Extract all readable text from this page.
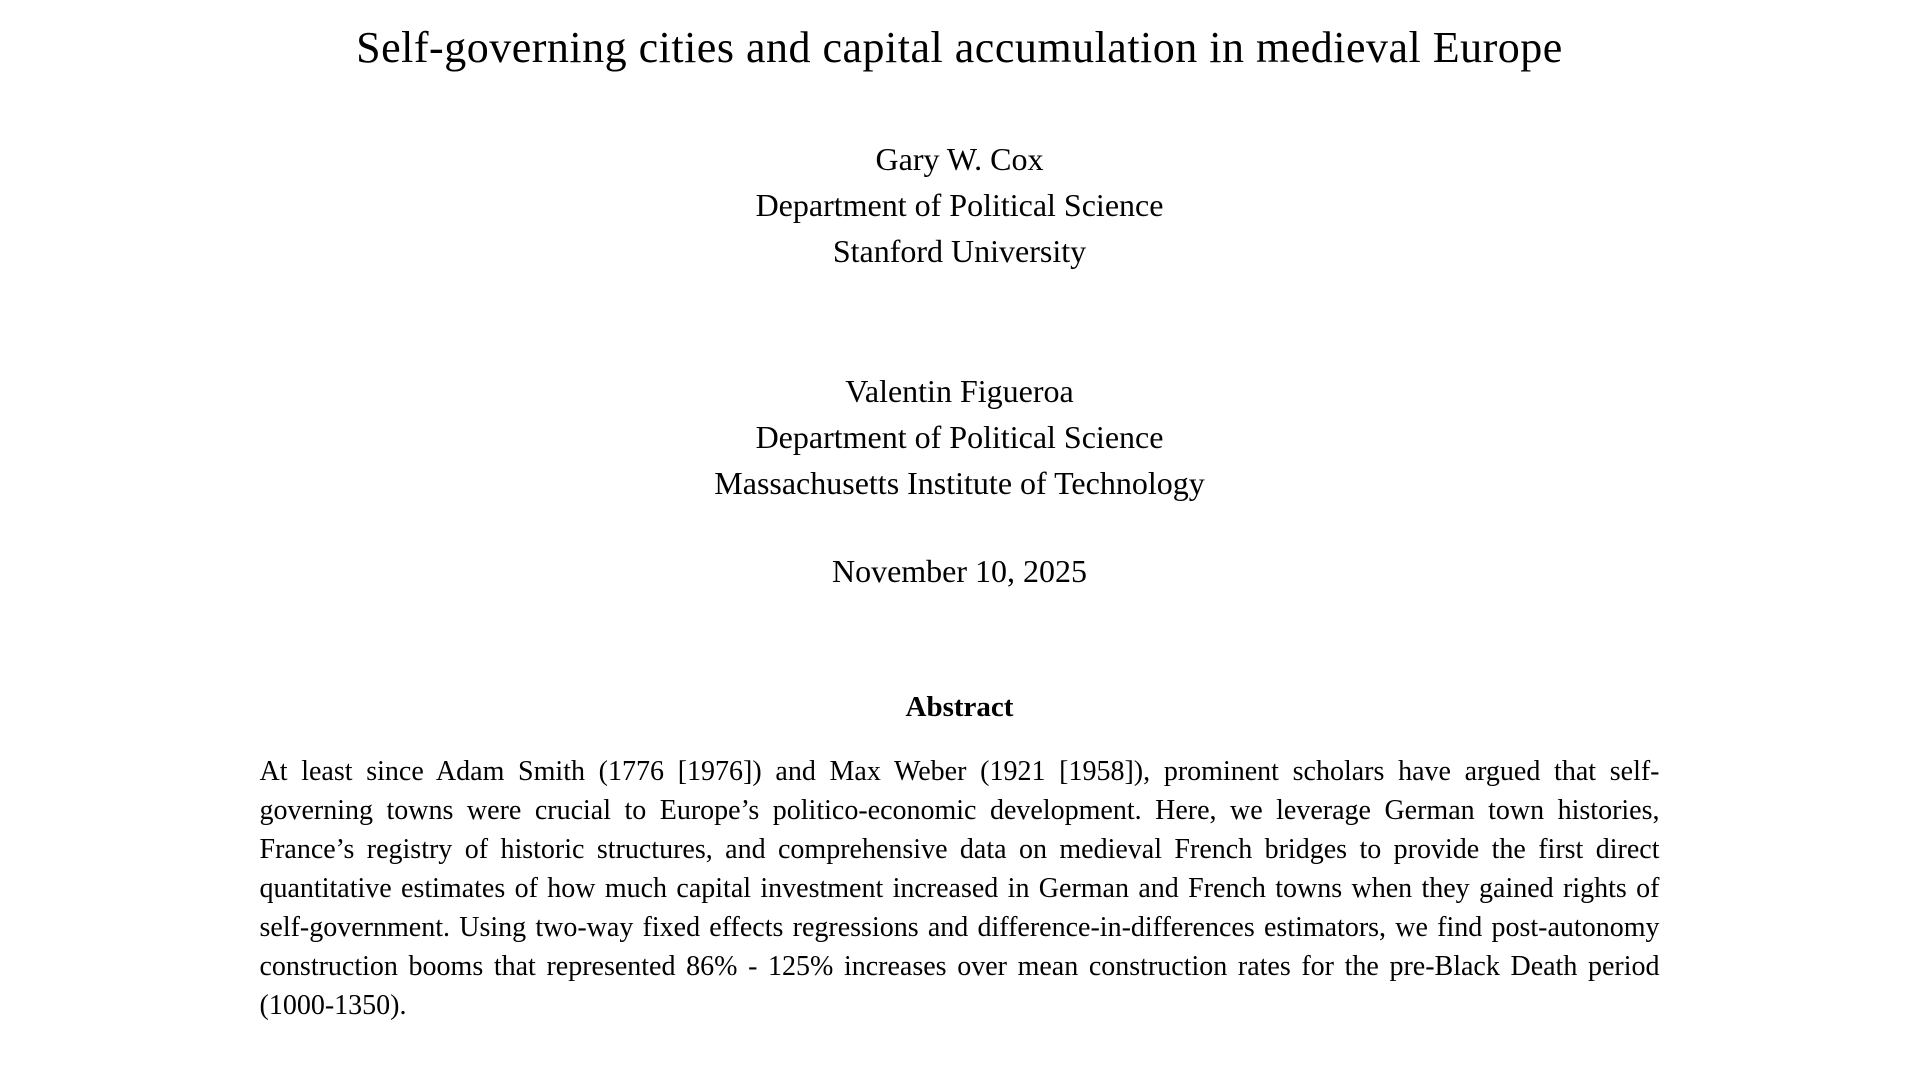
Self-governing cities and capital accumulation in medieval Europe
Gary W. Cox
Department of Political Science
Stanford University
Valentin Figueroa
Department of Political Science
Massachusetts Institute of Technology
November 10, 2025
Abstract

At least since Adam Smith (1776 [1976]) and Max Weber (1921 [1958]), prominent scholars have argued that self-governing towns were crucial to Europe’s politico-economic development. Here, we leverage German town histories, France’s registry of historic structures, and comprehensive data on medieval French bridges to provide the first direct quantitative estimates of how much capital investment increased in German and French towns when they gained rights of self-government. Using two-way fixed effects regressions and difference-in-differences estimators, we find post-autonomy construction booms that represented 86% - 125% increases over mean construction rates for the pre-Black Death period (1000-1350).
